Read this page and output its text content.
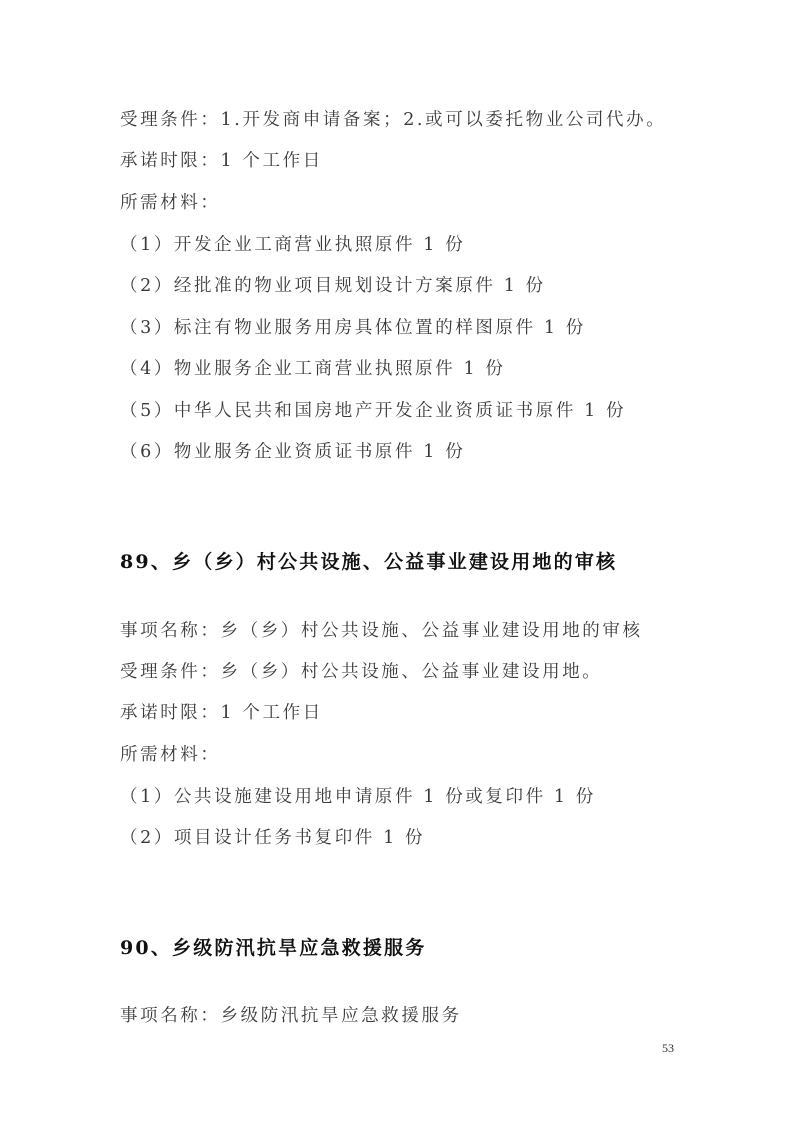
受理条件：1.开发商申请备案；2.或可以委托物业公司代办。
承诺时限：1 个工作日
所需材料：
（1）开发企业工商营业执照原件 1 份
（2）经批准的物业项目规划设计方案原件 1 份
（3）标注有物业服务用房具体位置的样图原件 1 份
（4）物业服务企业工商营业执照原件 1 份
（5）中华人民共和国房地产开发企业资质证书原件 1 份
（6）物业服务企业资质证书原件 1 份
89、乡（乡）村公共设施、公益事业建设用地的审核
事项名称：乡（乡）村公共设施、公益事业建设用地的审核
受理条件：乡（乡）村公共设施、公益事业建设用地。
承诺时限：1 个工作日
所需材料：
（1）公共设施建设用地申请原件 1 份或复印件 1 份
（2）项目设计任务书复印件 1 份
90、乡级防汛抗旱应急救援服务
事项名称：乡级防汛抗旱应急救援服务
53
